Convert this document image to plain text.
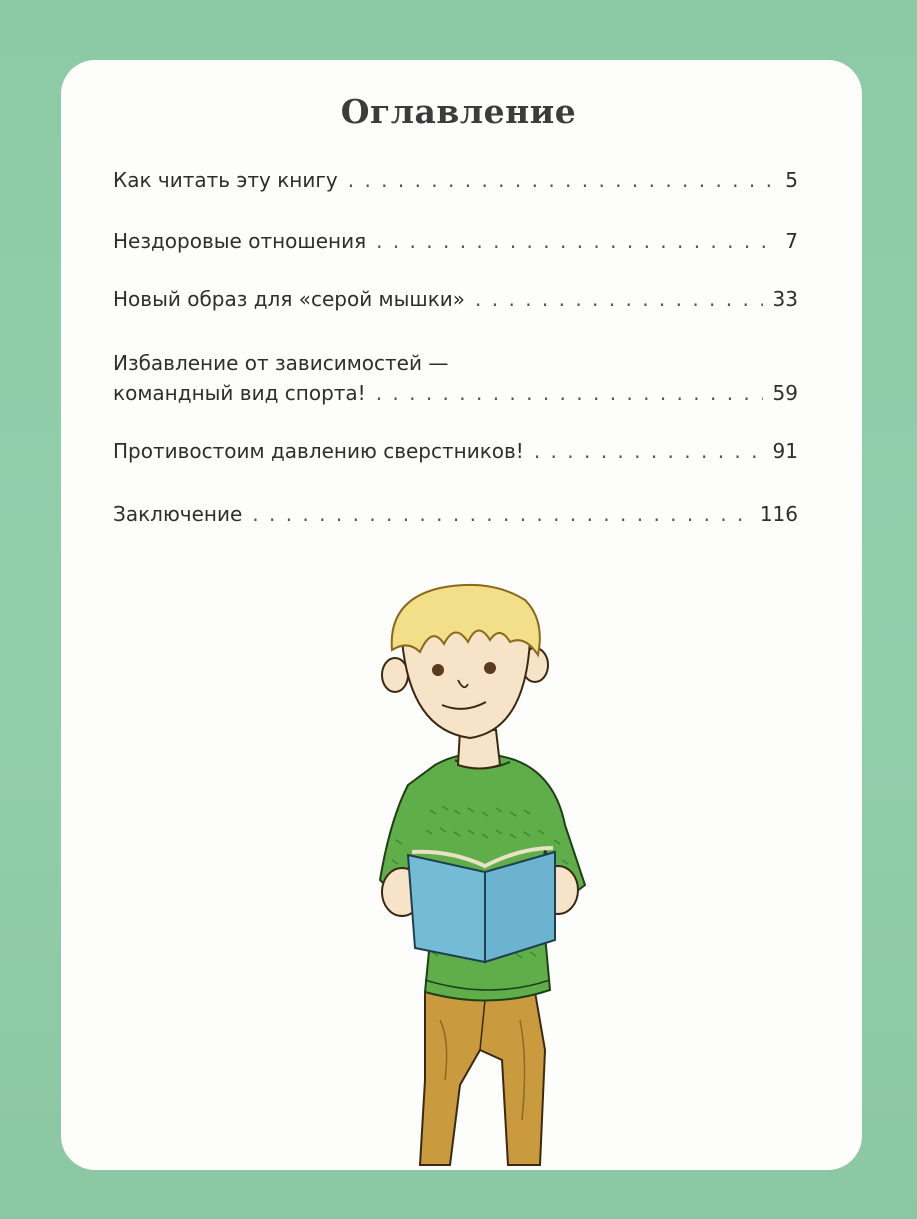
Оглавление
Как читать эту книгу . . .	5
Нездоровые отношения . . .	7
Новый образ для «серой мышки» . . .	33
Избавление от зависимостей —
командный вид спорта! . . .	59
Противостоим давлению сверстников! . . .	91
Заключение . . .	116
